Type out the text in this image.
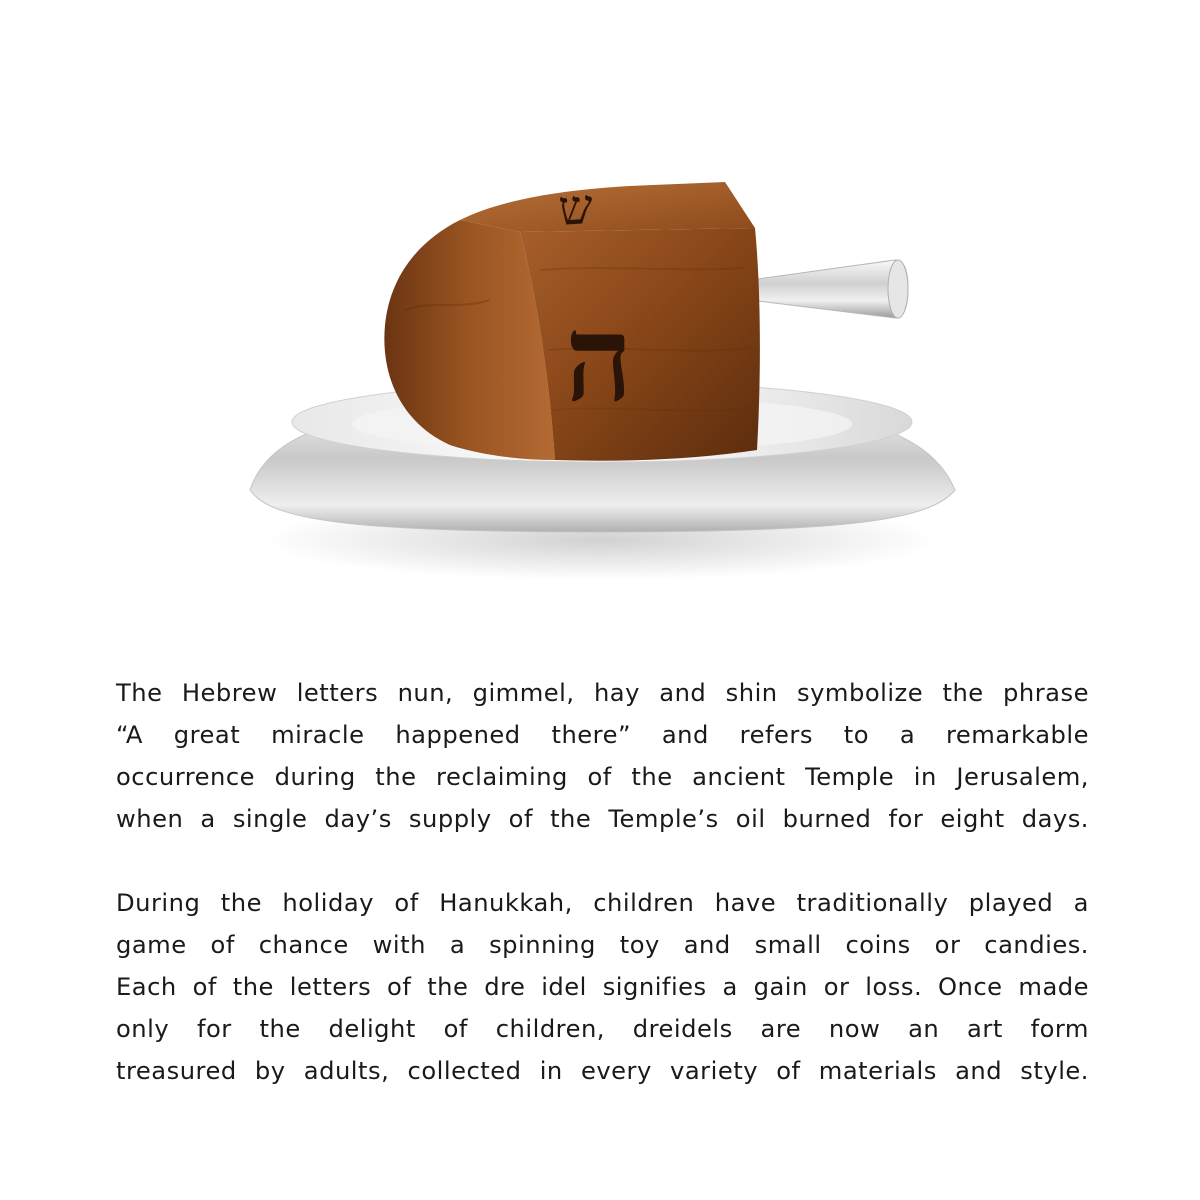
ש
ה

The Hebrew letters nun, gimmel, hay and shin symbolize the phrase
“A great miracle happened there” and refers to a remarkable
occurrence during the reclaiming of the ancient Temple in Jerusalem,
when a single day’s supply of the Temple’s oil burned for eight days.

During the holiday of Hanukkah, children have traditionally played a
game of chance with a spinning toy and small coins or candies.
Each of the letters of the dre idel signifies a gain or loss. Once made
only for the delight of children, dreidels are now an art form
treasured by adults, collected in every variety of materials and style.
